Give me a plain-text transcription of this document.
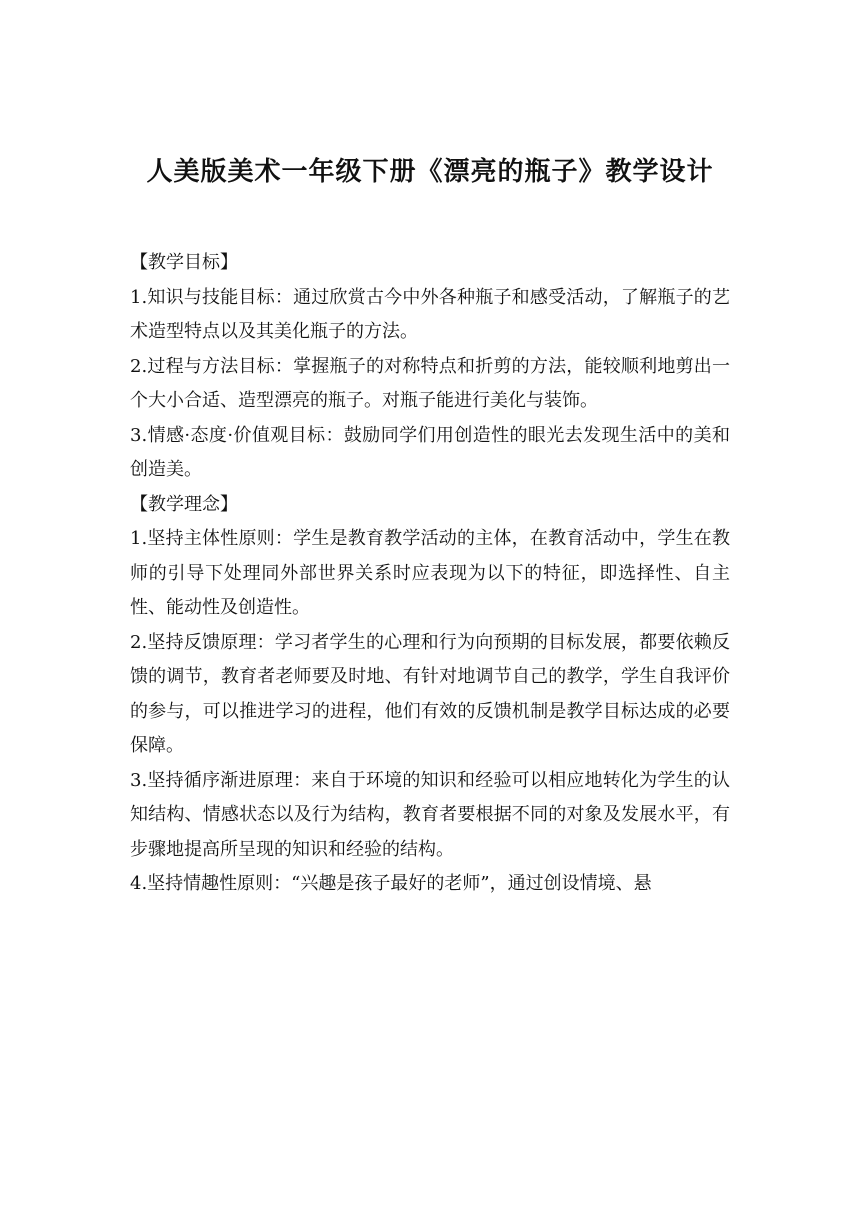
人美版美术一年级下册《漂亮的瓶子》教学设计

【教学目标】

1.知识与技能目标：通过欣赏古今中外各种瓶子和感受活动，了解瓶子的艺术造型特点以及其美化瓶子的方法。

2.过程与方法目标：掌握瓶子的对称特点和折剪的方法，能较顺利地剪出一个大小合适、造型漂亮的瓶子。对瓶子能进行美化与装饰。

3.情感·态度·价值观目标：鼓励同学们用创造性的眼光去发现生活中的美和创造美。

【教学理念】

1.坚持主体性原则：学生是教育教学活动的主体，在教育活动中，学生在教师的引导下处理同外部世界关系时应表现为以下的特征，即选择性、自主性、能动性及创造性。

2.坚持反馈原理：学习者学生的心理和行为向预期的目标发展，都要依赖反馈的调节，教育者老师要及时地、有针对地调节自己的教学，学生自我评价的参与，可以推进学习的进程，他们有效的反馈机制是教学目标达成的必要保障。

3.坚持循序渐进原理：来自于环境的知识和经验可以相应地转化为学生的认知结构、情感状态以及行为结构，教育者要根据不同的对象及发展水平，有步骤地提高所呈现的知识和经验的结构。

4.坚持情趣性原则：“兴趣是孩子最好的老师”，通过创设情境、悬
